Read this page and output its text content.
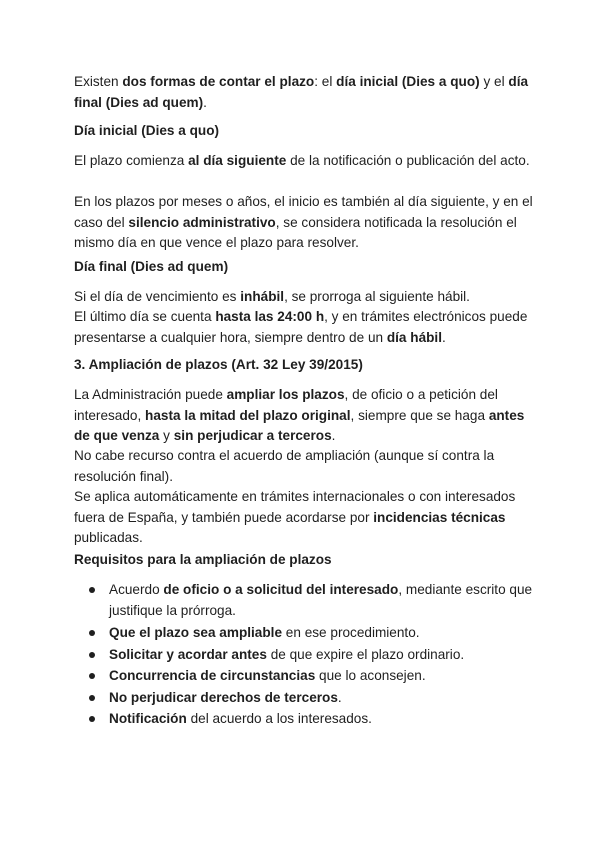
Existen dos formas de contar el plazo: el día inicial (Dies a quo) y el día final (Dies ad quem).
Día inicial (Dies a quo)
El plazo comienza al día siguiente de la notificación o publicación del acto.
En los plazos por meses o años, el inicio es también al día siguiente, y en el caso del silencio administrativo, se considera notificada la resolución el mismo día en que vence el plazo para resolver.
Día final (Dies ad quem)
Si el día de vencimiento es inhábil, se prorroga al siguiente hábil.
El último día se cuenta hasta las 24:00 h, y en trámites electrónicos puede presentarse a cualquier hora, siempre dentro de un día hábil.
3. Ampliación de plazos (Art. 32 Ley 39/2015)
La Administración puede ampliar los plazos, de oficio o a petición del interesado, hasta la mitad del plazo original, siempre que se haga antes de que venza y sin perjudicar a terceros.
No cabe recurso contra el acuerdo de ampliación (aunque sí contra la resolución final).
Se aplica automáticamente en trámites internacionales o con interesados fuera de España, y también puede acordarse por incidencias técnicas publicadas.
Requisitos para la ampliación de plazos
Acuerdo de oficio o a solicitud del interesado, mediante escrito que justifique la prórroga.
Que el plazo sea ampliable en ese procedimiento.
Solicitar y acordar antes de que expire el plazo ordinario.
Concurrencia de circunstancias que lo aconsejen.
No perjudicar derechos de terceros.
Notificación del acuerdo a los interesados.
